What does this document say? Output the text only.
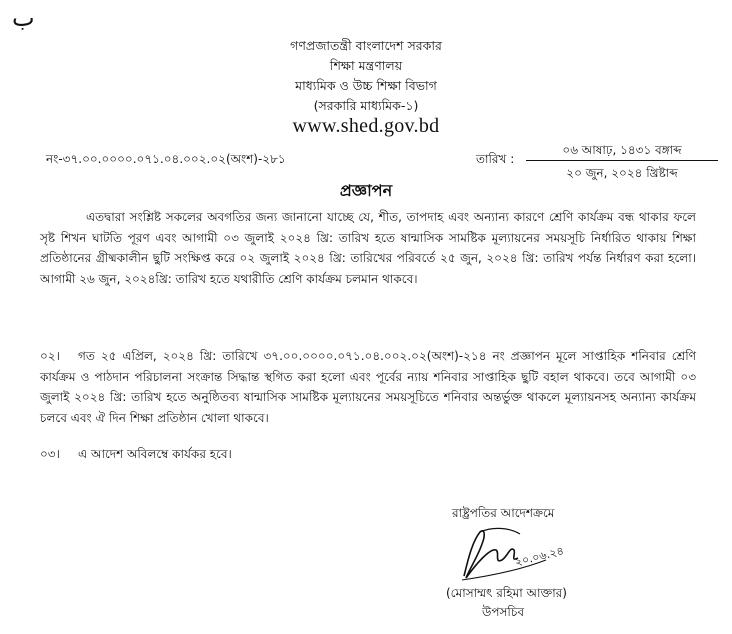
ب
গণপ্রজাতন্ত্রী বাংলাদেশ সরকার
শিক্ষা মন্ত্রণালয়
মাধ্যমিক ও উচ্চ শিক্ষা বিভাগ
(সরকারি মাধ্যমিক-১)
www.shed.gov.bd
নং-৩৭.০০.০০০০.০৭১.০৪.০০২.০২(অংশ)-২৮১	তারিখ :
০৬ আষাঢ়, ১৪৩১ বঙ্গাব্দ
২০ জুন, ২০২৪ খ্রিষ্টাব্দ
প্রজ্ঞাপন
এতদ্বারা সংশ্লিষ্ট সকলের অবগতির জন্য জানানো যাচ্ছে যে, শীত, তাপদাহ এবং অন্যান্য কারণে শ্রেণি কার্যক্রম বন্ধ থাকার ফলে সৃষ্ট শিখন ঘাটতি পূরণ এবং আগামী ০৩ জুলাই ২০২৪ খ্রি: তারিখ হতে ষান্মাসিক সামষ্টিক মূল্যায়নের সময়সূচি নির্ধারিত থাকায় শিক্ষা প্রতিষ্ঠানের গ্রীষ্মকালীন ছুটি সংক্ষিপ্ত করে ০২ জুলাই ২০২৪ খ্রি: তারিখের পরিবর্তে ২৫ জুন, ২০২৪ খ্রি: তারিখ পর্যন্ত নির্ধারণ করা হলো। আগামী ২৬ জুন, ২০২৪খ্রি: তারিখ হতে যথারীতি শ্রেণি কার্যক্রম চলমান থাকবে।
০২। গত ২৫ এপ্রিল, ২০২৪ খ্রি: তারিখে ৩৭.০০.০০০০.০৭১.০৪.০০২.০২(অংশ)-২১৪ নং প্রজ্ঞাপন মূলে সাপ্তাহিক শনিবার শ্রেণি কার্যক্রম ও পাঠদান পরিচালনা সংক্রান্ত সিদ্ধান্ত স্থগিত করা হলো এবং পূর্বের ন্যায় শনিবার সাপ্তাহিক ছুটি বহাল থাকবে। তবে আগামী ০৩ জুলাই ২০২৪ খ্রি: তারিখ হতে অনুষ্ঠিতব্য ষান্মাসিক সামষ্টিক মূল্যায়নের সময়সূচিতে শনিবার অন্তর্ভুক্ত থাকলে মূল্যায়নসহ অন্যান্য কার্যক্রম চলবে এবং ঐ দিন শিক্ষা প্রতিষ্ঠান খোলা থাকবে।
০৩। এ আদেশ অবিলম্বে কার্যকর হবে।
রাষ্ট্রপতির আদেশক্রমে
২০.০৬.২৪
(মোসাম্মৎ রহিমা আক্তার)
উপসচিব
